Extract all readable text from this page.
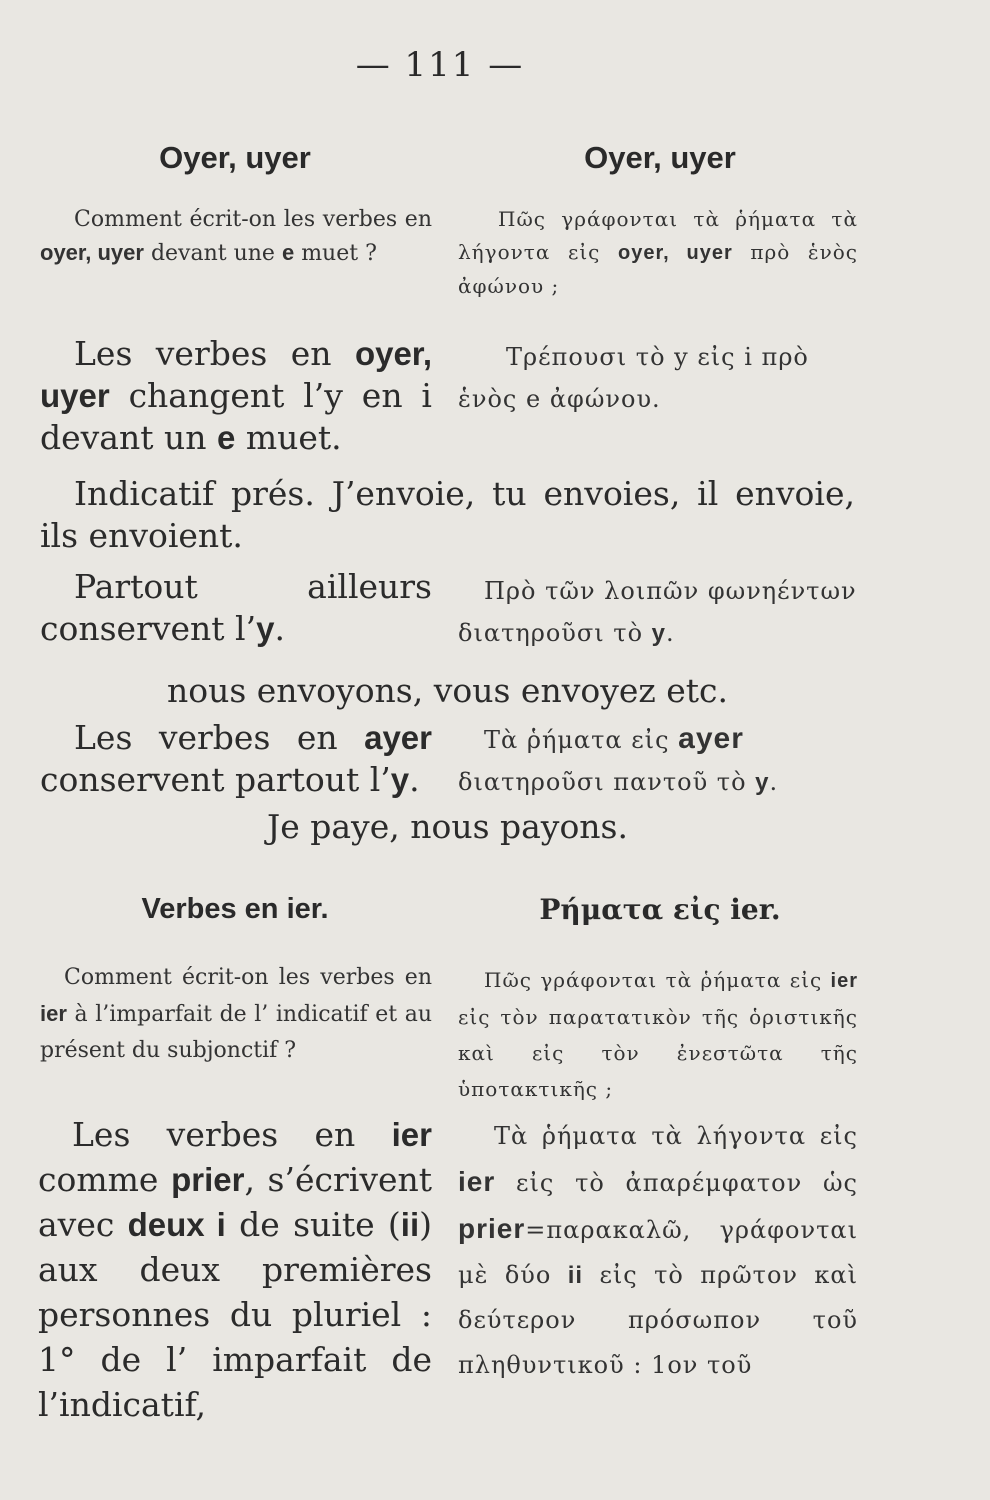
— 111 —
Oyer, uyer	Oyer, uyer
Comment écrit-on les verbes en oyer, uyer devant une e muet ?
Πῶς γράφονται τὰ ῥήματα τὰ λήγοντα εἰς oyer, uyer πρὸ ἑνὸς ἀφώνου ;
Les verbes en oyer, uyer changent l’y en i devant un e muet.
Τρέπουσι τὸ y εἰς i πρὸ ἑνὸς e ἀφώνου.
Indicatif prés. J’envoie, tu envoies, il envoie, ils envoient.
Partout ailleurs conservent l’y.
Πρὸ τῶν λοιπῶν φωνηέντων διατηροῦσι τὸ y.
nous envoyons, vous envoyez etc.
Les verbes en ayer conservent partout l’y.
Τὰ ῥήματα εἰς ayer διατηροῦσι παντοῦ τὸ y.
Je paye, nous payons.
Verbes en ier.	Ρήματα εἰς ier.
Comment écrit-on les verbes en ier à l’imparfait de l’ indicatif et au présent du subjonctif ?
Πῶς γράφονται τὰ ῥήματα εἰς ier εἰς τὸν παρατατικὸν τῆς ὁριστικῆς καὶ εἰς τὸν ἐνεστῶτα τῆς ὑποτακτικῆς ;
Les verbes en ier comme prier, s’écrivent avec deux i de suite (ii) aux deux premières personnes du pluriel : 1° de l’ imparfait de l’indicatif,
Τὰ ῥήματα τὰ λήγοντα εἰς ier εἰς τὸ ἀπαρέμφατον ὡς prier=παρακαλῶ, γράφονται μὲ δύο ii εἰς τὸ πρῶτον καὶ δεύτερον πρόσωπον τοῦ πληθυντικοῦ : 1ον τοῦ
